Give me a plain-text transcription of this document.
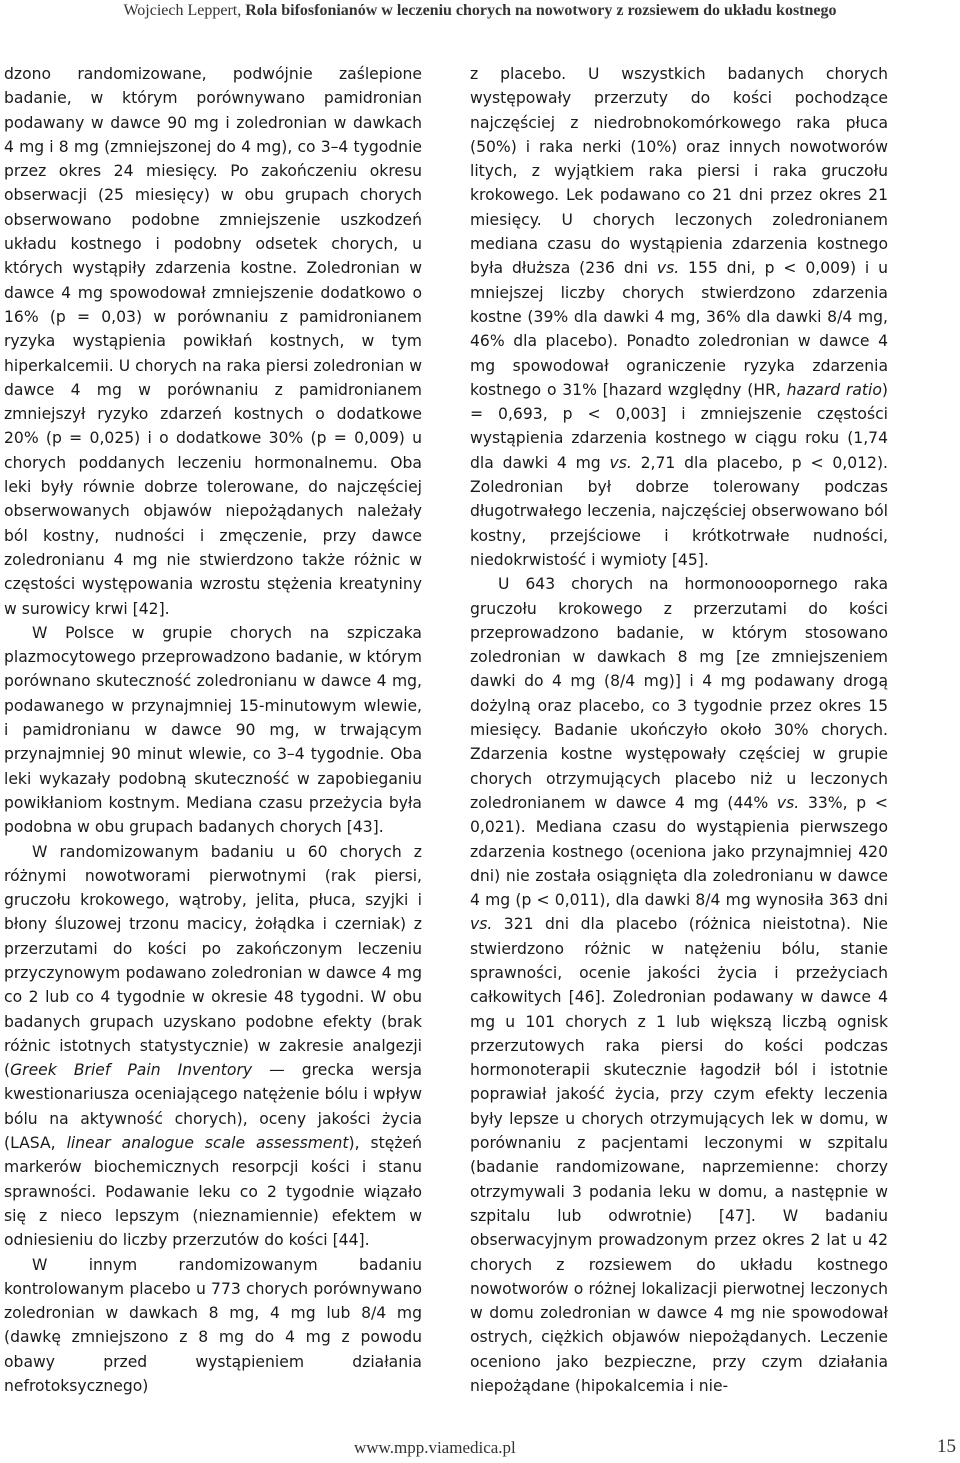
Wojciech Leppert, Rola bifosfonianów w leczeniu chorych na nowotwory z rozsiewem do układu kostnego

dzono randomizowane, podwójnie zaślepione badanie, w którym porównywano pamidronian podawany w dawce 90 mg i zoledronian w dawkach 4 mg i 8 mg (zmniejszonej do 4 mg), co 3–4 tygodnie przez okres 24 miesięcy. Po zakończeniu okresu obserwacji (25 miesięcy) w obu grupach chorych obserwowano podobne zmniejszenie uszkodzeń układu kostnego i podobny odsetek chorych, u których wystąpiły zdarzenia kostne. Zoledronian w dawce 4 mg spowodował zmniejszenie dodatkowo o 16% (p = 0,03) w porównaniu z pamidronianem ryzyka wystąpienia powikłań kostnych, w tym hiperkalcemii. U chorych na raka piersi zoledronian w dawce 4 mg w porównaniu z pamidronianem zmniejszył ryzyko zdarzeń kostnych o dodatkowe 20% (p = 0,025) i o dodatkowe 30% (p = 0,009) u chorych poddanych leczeniu hormonalnemu. Oba leki były równie dobrze tolerowane, do najczęściej obserwowanych objawów niepożądanych należały ból kostny, nudności i zmęczenie, przy dawce zoledronianu 4 mg nie stwierdzono także różnic w częstości występowania wzrostu stężenia kreatyniny w surowicy krwi [42].

W Polsce w grupie chorych na szpiczaka plazmocytowego przeprowadzono badanie, w którym porównano skuteczność zoledronianu w dawce 4 mg, podawanego w przynajmniej 15-minutowym wlewie, i pamidronianu w dawce 90 mg, w trwającym przynajmniej 90 minut wlewie, co 3–4 tygodnie. Oba leki wykazały podobną skuteczność w zapobieganiu powikłaniom kostnym. Mediana czasu przeżycia była podobna w obu grupach badanych chorych [43].

W randomizowanym badaniu u 60 chorych z różnymi nowotworami pierwotnymi (rak piersi, gruczołu krokowego, wątroby, jelita, płuca, szyjki i błony śluzowej trzonu macicy, żołądka i czerniak) z przerzutami do kości po zakończonym leczeniu przyczynowym podawano zoledronian w dawce 4 mg co 2 lub co 4 tygodnie w okresie 48 tygodni. W obu badanych grupach uzyskano podobne efekty (brak różnic istotnych statystycznie) w zakresie analgezji (Greek Brief Pain Inventory — grecka wersja kwestionariusza oceniającego natężenie bólu i wpływ bólu na aktywność chorych), oceny jakości życia (LASA, linear analogue scale assessment), stężeń markerów biochemicznych resorpcji kości i stanu sprawności. Podawanie leku co 2 tygodnie wiązało się z nieco lepszym (nieznamiennie) efektem w odniesieniu do liczby przerzutów do kości [44].

W innym randomizowanym badaniu kontrolowanym placebo u 773 chorych porównywano zoledronian w dawkach 8 mg, 4 mg lub 8/4 mg (dawkę zmniejszono z 8 mg do 4 mg z powodu obawy przed wystąpieniem działania nefrotoksycznego)

z placebo. U wszystkich badanych chorych występowały przerzuty do kości pochodzące najczęściej z niedrobnokomórkowego raka płuca (50%) i raka nerki (10%) oraz innych nowotworów litych, z wyjątkiem raka piersi i raka gruczołu krokowego. Lek podawano co 21 dni przez okres 21 miesięcy. U chorych leczonych zoledronianem mediana czasu do wystąpienia zdarzenia kostnego była dłuższa (236 dni vs. 155 dni, p < 0,009) i u mniejszej liczby chorych stwierdzono zdarzenia kostne (39% dla dawki 4 mg, 36% dla dawki 8/4 mg, 46% dla placebo). Ponadto zoledronian w dawce 4 mg spowodował ograniczenie ryzyka zdarzenia kostnego o 31% [hazard względny (HR, hazard ratio) = 0,693, p < 0,003] i zmniejszenie częstości wystąpienia zdarzenia kostnego w ciągu roku (1,74 dla dawki 4 mg vs. 2,71 dla placebo, p < 0,012). Zoledronian był dobrze tolerowany podczas długotrwałego leczenia, najczęściej obserwowano ból kostny, przejściowe i krótkotrwałe nudności, niedokrwistość i wymioty [45].

U 643 chorych na hormonooopornego raka gruczołu krokowego z przerzutami do kości przeprowadzono badanie, w którym stosowano zoledronian w dawkach 8 mg [ze zmniejszeniem dawki do 4 mg (8/4 mg)] i 4 mg podawany drogą dożylną oraz placebo, co 3 tygodnie przez okres 15 miesięcy. Badanie ukończyło około 30% chorych. Zdarzenia kostne występowały częściej w grupie chorych otrzymujących placebo niż u leczonych zoledronianem w dawce 4 mg (44% vs. 33%, p < 0,021). Mediana czasu do wystąpienia pierwszego zdarzenia kostnego (oceniona jako przynajmniej 420 dni) nie została osiągnięta dla zoledronianu w dawce 4 mg (p < 0,011), dla dawki 8/4 mg wynosiła 363 dni vs. 321 dni dla placebo (różnica nieistotna). Nie stwierdzono różnic w natężeniu bólu, stanie sprawności, ocenie jakości życia i przeżyciach całkowitych [46]. Zoledronian podawany w dawce 4 mg u 101 chorych z 1 lub większą liczbą ognisk przerzutowych raka piersi do kości podczas hormonoterapii skutecznie łagodził ból i istotnie poprawiał jakość życia, przy czym efekty leczenia były lepsze u chorych otrzymujących lek w domu, w porównaniu z pacjentami leczonymi w szpitalu (badanie randomizowane, naprzemienne: chorzy otrzymywali 3 podania leku w domu, a następnie w szpitalu lub odwrotnie) [47]. W badaniu obserwacyjnym prowadzonym przez okres 2 lat u 42 chorych z rozsiewem do układu kostnego nowotworów o różnej lokalizacji pierwotnej leczonych w domu zoledronian w dawce 4 mg nie spowodował ostrych, ciężkich objawów niepożądanych. Leczenie oceniono jako bezpieczne, przy czym działania niepożądane (hipokalcemia i nie-

www.mpp.viamedica.pl	15
